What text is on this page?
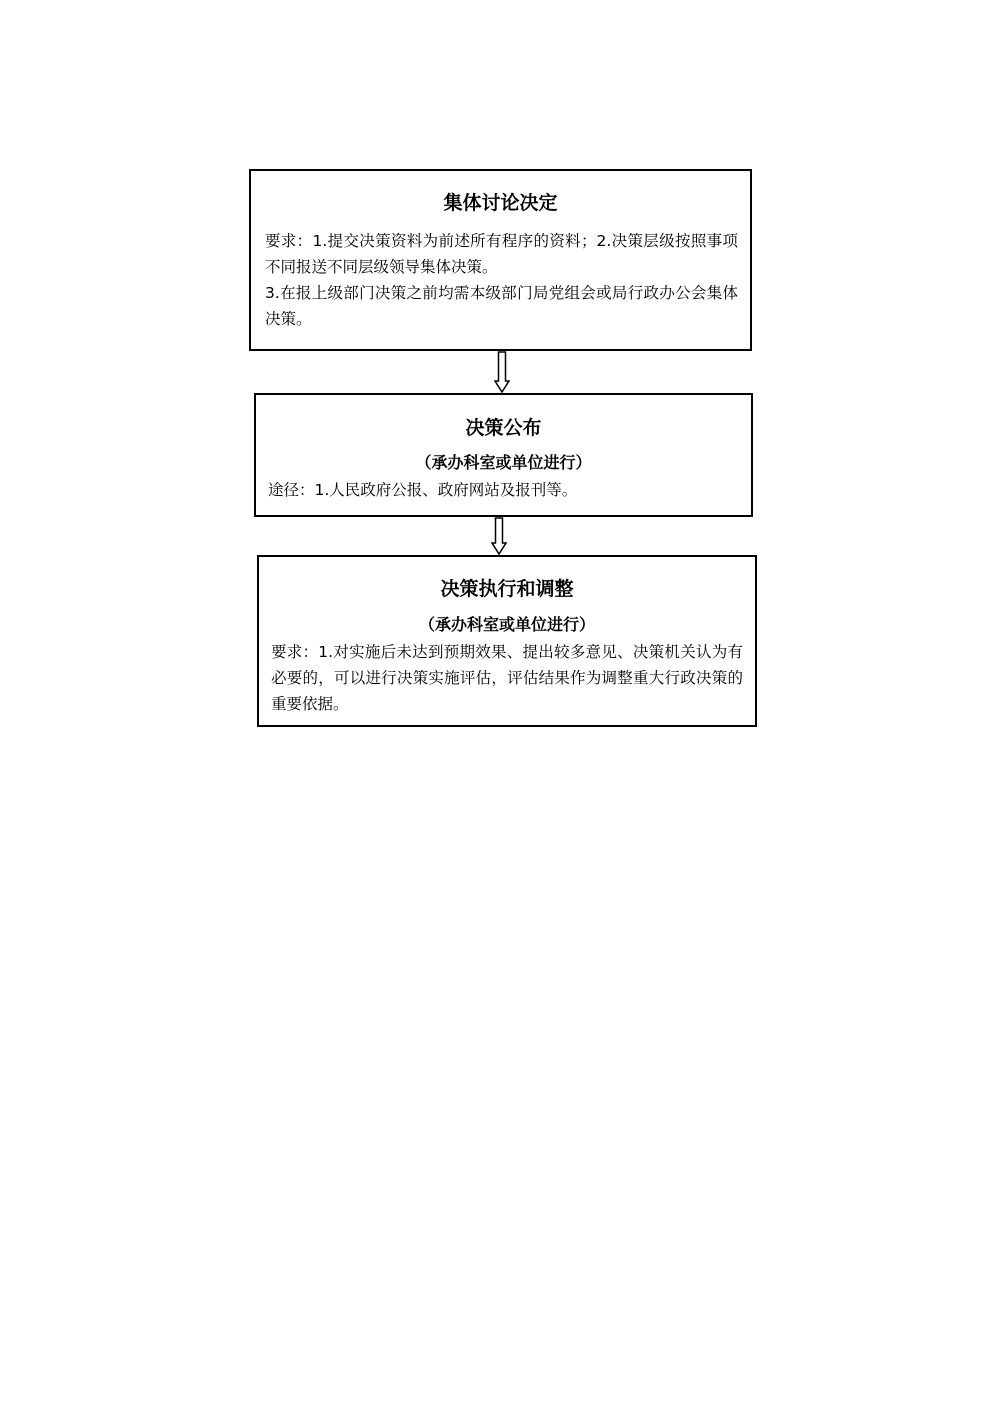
集体讨论决定

要求：1.提交决策资料为前述所有程序的资料；2.决策层级按照事项不同报送不同层级领导集体决策。

3.在报上级部门决策之前均需本级部门局党组会或局行政办公会集体决策。

决策公布
（承办科室或单位进行）

途径：1.人民政府公报、政府网站及报刊等。

决策执行和调整
（承办科室或单位进行）

要求：1.对实施后未达到预期效果、提出较多意见、决策机关认为有必要的，可以进行决策实施评估，评估结果作为调整重大行政决策的重要依据。
